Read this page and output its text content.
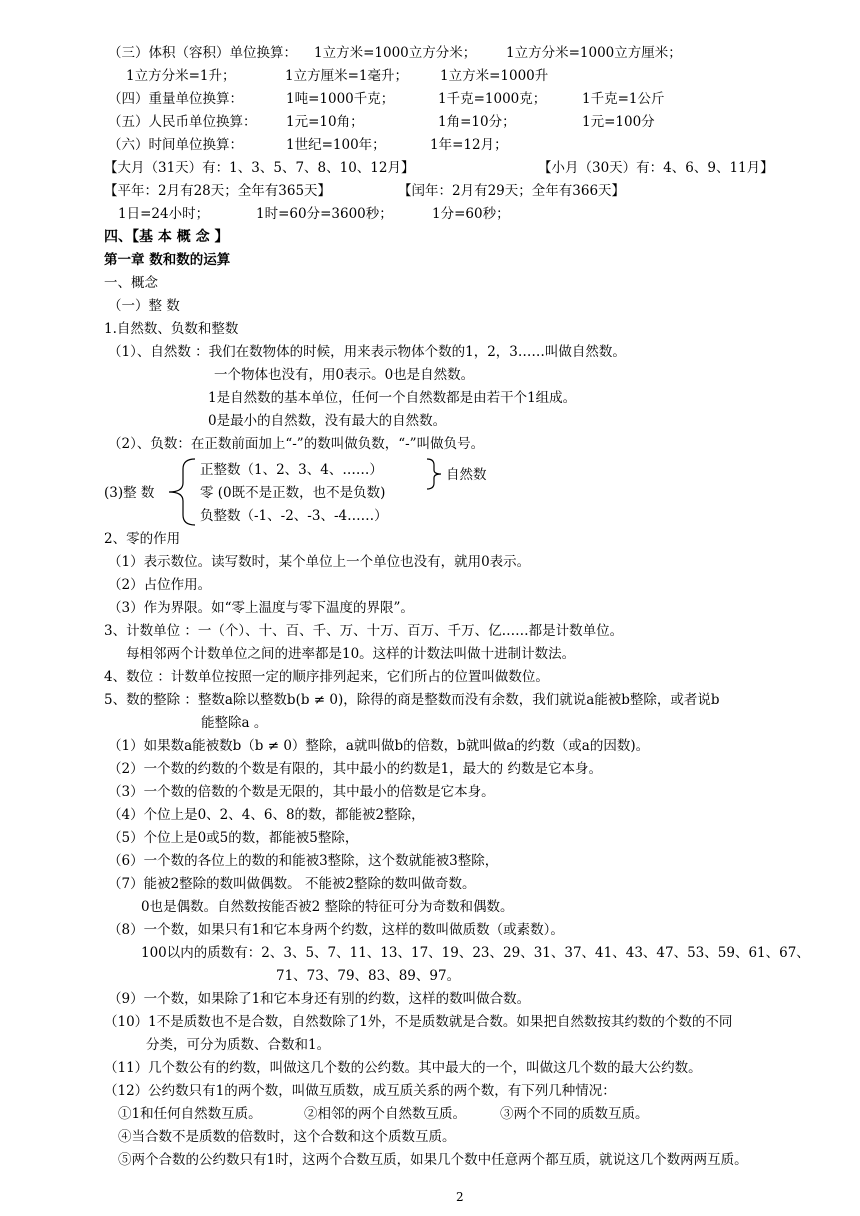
（三）体积（容积）单位换算： 1立方米=1000立方分米； 1立方分米=1000立方厘米；
1立方分米=1升；	1立方厘米=1毫升； 1立方米=1000升
（四）重量单位换算：	1吨=1000千克；	1千克=1000克；	1千克=1公斤
（五）人民币单位换算： 1元=10角；	1角=10分；	1元=100分
（六）时间单位换算：	1世纪=100年；	1年=12月；
【大月（31天）有：1、3、5、7、8、10、12月】	【小月（30天）有：4、6、9、11月】
【平年：2月有28天；全年有365天】	【闰年：2月有29天；全年有366天】
1日=24小时；	1时=60分=3600秒；	1分=60秒；
四、【基 本 概 念 】
第一章 数和数的运算
一、概念
（一）整 数
1.自然数、负数和整数
（1）、自然数 ：我们在数物体的时候，用来表示物体个数的1，2，3……叫做自然数。
一个物体也没有，用0表示。0也是自然数。
1是自然数的基本单位，任何一个自然数都是由若干个1组成。
0是最小的自然数，没有最大的自然数。
（2）、负数：在正数前面加上“-”的数叫做负数，“-”叫做负号。
(3)整 数
正整数（1、2、3、4、……）
零 (0既不是正数，也不是负数)
负整数（-1、-2、-3、-4……）
自然数
2、零的作用
（1）表示数位。读写数时，某个单位上一个单位也没有，就用0表示。
（2）占位作用。
（3）作为界限。如“零上温度与零下温度的界限”。
3、计数单位 ：一（个）、十、百、千、万、十万、百万、千万、亿……都是计数单位。
每相邻两个计数单位之间的进率都是10。这样的计数法叫做十进制计数法。
4、数位 ：计数单位按照一定的顺序排列起来，它们所占的位置叫做数位。
5、数的整除 ：整数a除以整数b(b ≠ 0)，除得的商是整数而没有余数，我们就说a能被b整除，或者说b
能整除a 。
（1）如果数a能被数b（b ≠ 0）整除，a就叫做b的倍数，b就叫做a的约数（或a的因数)。
（2）一个数的约数的个数是有限的，其中最小的约数是1，最大的 约数是它本身。
（3）一个数的倍数的个数是无限的，其中最小的倍数是它本身。
（4）个位上是0、2、4、6、8的数，都能被2整除，
（5）个位上是0或5的数，都能被5整除，
（6）一个数的各位上的数的和能被3整除，这个数就能被3整除，
（7）能被2整除的数叫做偶数。 不能被2整除的数叫做奇数。
0也是偶数。自然数按能否被2 整除的特征可分为奇数和偶数。
（8）一个数，如果只有1和它本身两个约数，这样的数叫做质数（或素数）。
100以内的质数有：2、3、5、7、11、13、17、19、23、29、31、37、41、43、47、53、59、61、67、
71、73、79、83、89、97。
（9）一个数，如果除了1和它本身还有别的约数，这样的数叫做合数。
（10）1不是质数也不是合数，自然数除了1外，不是质数就是合数。如果把自然数按其约数的个数的不同
分类，可分为质数、合数和1。
（11）几个数公有的约数，叫做这几个数的公约数。其中最大的一个，叫做这几个数的最大公约数。
（12）公约数只有1的两个数，叫做互质数，成互质关系的两个数，有下列几种情况：
①1和任何自然数互质。	②相邻的两个自然数互质。	③两个不同的质数互质。
④当合数不是质数的倍数时，这个合数和这个质数互质。
⑤两个合数的公约数只有1时，这两个合数互质，如果几个数中任意两个都互质，就说这几个数两两互质。
2
